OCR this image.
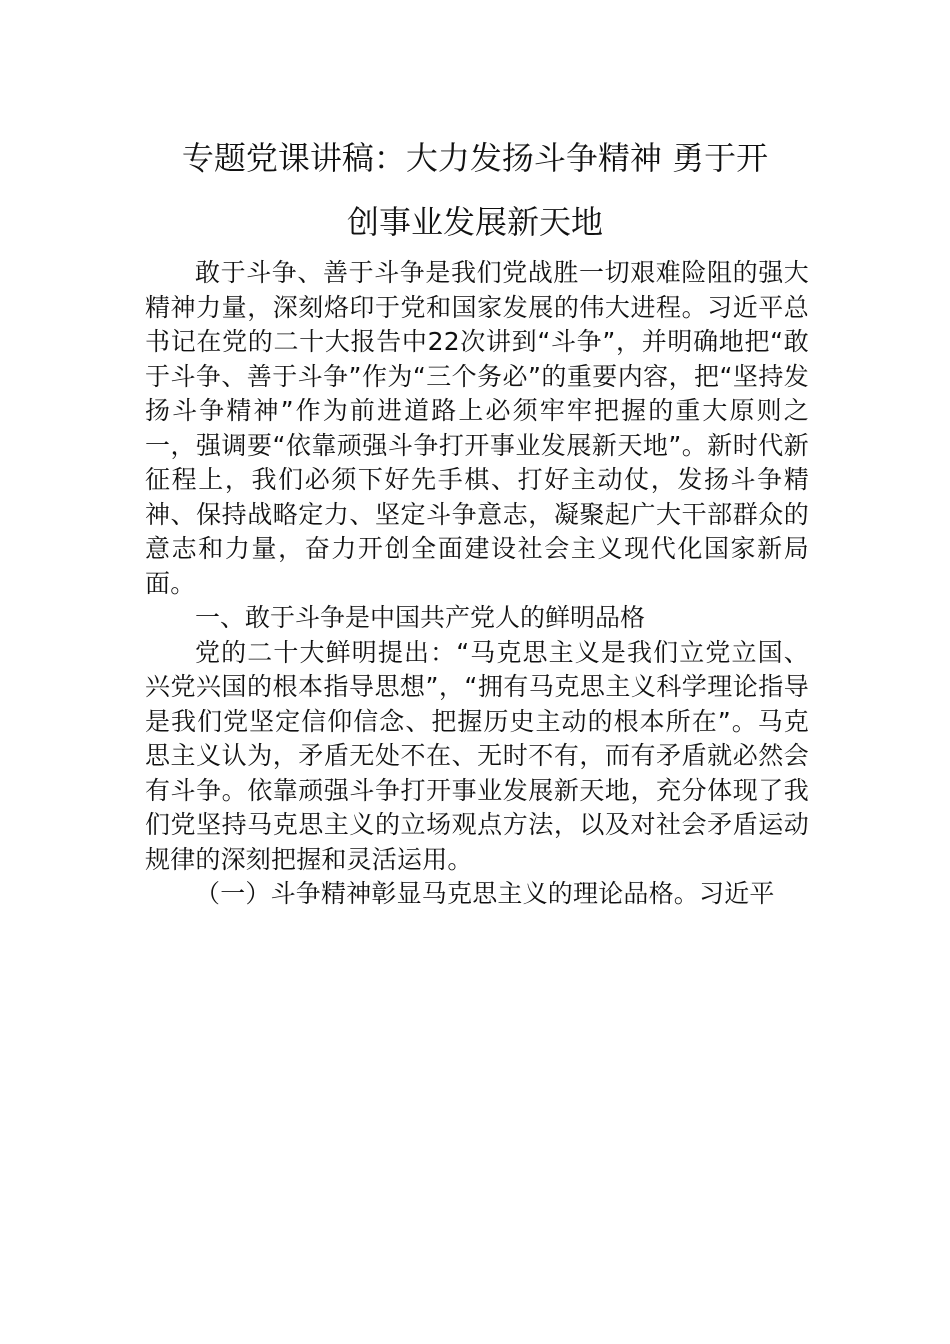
专题党课讲稿：大力发扬斗争精神 勇于开
创事业发展新天地

敢于斗争、善于斗争是我们党战胜一切艰难险阻的强大精神力量，深刻烙印于党和国家发展的伟大进程。习近平总书记在党的二十大报告中22次讲到“斗争”，并明确地把“敢于斗争、善于斗争”作为“三个务必”的重要内容，把“坚持发扬斗争精神”作为前进道路上必须牢牢把握的重大原则之一，强调要“依靠顽强斗争打开事业发展新天地”。新时代新征程上，我们必须下好先手棋、打好主动仗，发扬斗争精神、保持战略定力、坚定斗争意志，凝聚起广大干部群众的意志和力量，奋力开创全面建设社会主义现代化国家新局面。

一、敢于斗争是中国共产党人的鲜明品格

党的二十大鲜明提出：“马克思主义是我们立党立国、兴党兴国的根本指导思想”，“拥有马克思主义科学理论指导是我们党坚定信仰信念、把握历史主动的根本所在”。马克思主义认为，矛盾无处不在、无时不有，而有矛盾就必然会有斗争。依靠顽强斗争打开事业发展新天地，充分体现了我们党坚持马克思主义的立场观点方法，以及对社会矛盾运动规律的深刻把握和灵活运用。

（一）斗争精神彰显马克思主义的理论品格。习近平
